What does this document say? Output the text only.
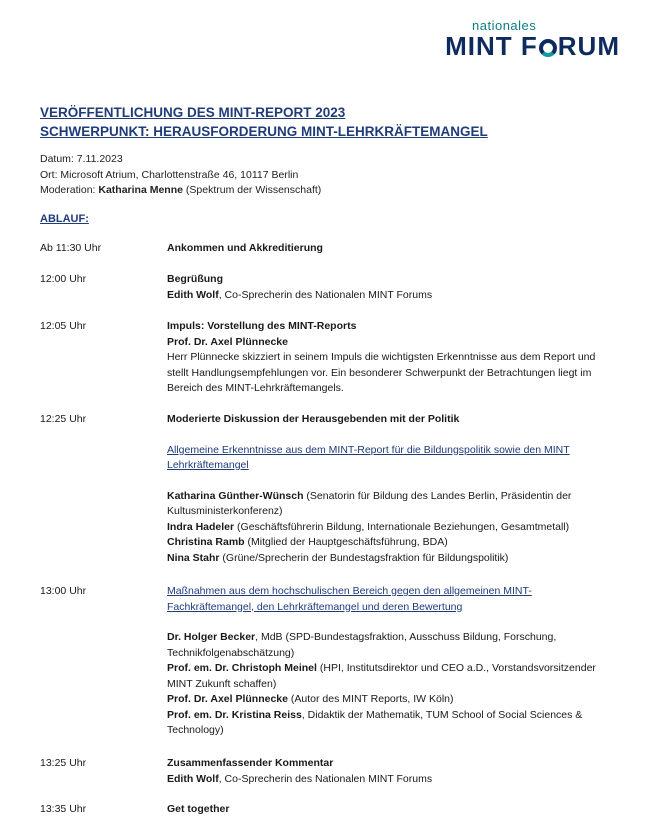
nationales
MINT F RUM
VERÖFFENTLICHUNG DES MINT-REPORT 2023
SCHWERPUNKT: HERAUSFORDERUNG MINT-LEHRKRÄFTEMANGEL
Datum: 7.11.2023
Ort: Microsoft Atrium, Charlottenstraße 46, 10117 Berlin
Moderation: Katharina Menne (Spektrum der Wissenschaft)
ABLAUF:
Ab 11:30 Uhr	Ankommen und Akkreditierung
12:00 Uhr	Begrüßung
Edith Wolf, Co-Sprecherin des Nationalen MINT Forums
12:05 Uhr	Impuls: Vorstellung des MINT-Reports
Prof. Dr. Axel Plünnecke
Herr Plünnecke skizziert in seinem Impuls die wichtigsten Erkenntnisse aus dem Report und
stellt Handlungsempfehlungen vor. Ein besonderer Schwerpunkt der Betrachtungen liegt im
Bereich des MINT-Lehrkräftemangels.
12:25 Uhr	Moderierte Diskussion der Herausgebenden mit der Politik
Allgemeine Erkenntnisse aus dem MINT-Report für die Bildungspolitik sowie den MINT
Lehrkräftemangel
Katharina Günther-Wünsch (Senatorin für Bildung des Landes Berlin, Präsidentin der
Kultusministerkonferenz)
Indra Hadeler (Geschäftsführerin Bildung, Internationale Beziehungen, Gesamtmetall)
Christina Ramb (Mitglied der Hauptgeschäftsführung, BDA)
Nina Stahr (Grüne/Sprecherin der Bundestagsfraktion für Bildungspolitik)
13:00 Uhr	Maßnahmen aus dem hochschulischen Bereich gegen den allgemeinen MINT-
Fachkräftemangel, den Lehrkräftemangel und deren Bewertung
Dr. Holger Becker, MdB (SPD-Bundestagsfraktion, Ausschuss Bildung, Forschung,
Technikfolgenabschätzung)
Prof. em. Dr. Christoph Meinel (HPI, Institutsdirektor und CEO a.D., Vorstandsvorsitzender
MINT Zukunft schaffen)
Prof. Dr. Axel Plünnecke (Autor des MINT Reports, IW Köln)
Prof. em. Dr. Kristina Reiss, Didaktik der Mathematik, TUM School of Social Sciences &
Technology)
13:25 Uhr	Zusammenfassender Kommentar
Edith Wolf, Co-Sprecherin des Nationalen MINT Forums
13:35 Uhr	Get together
